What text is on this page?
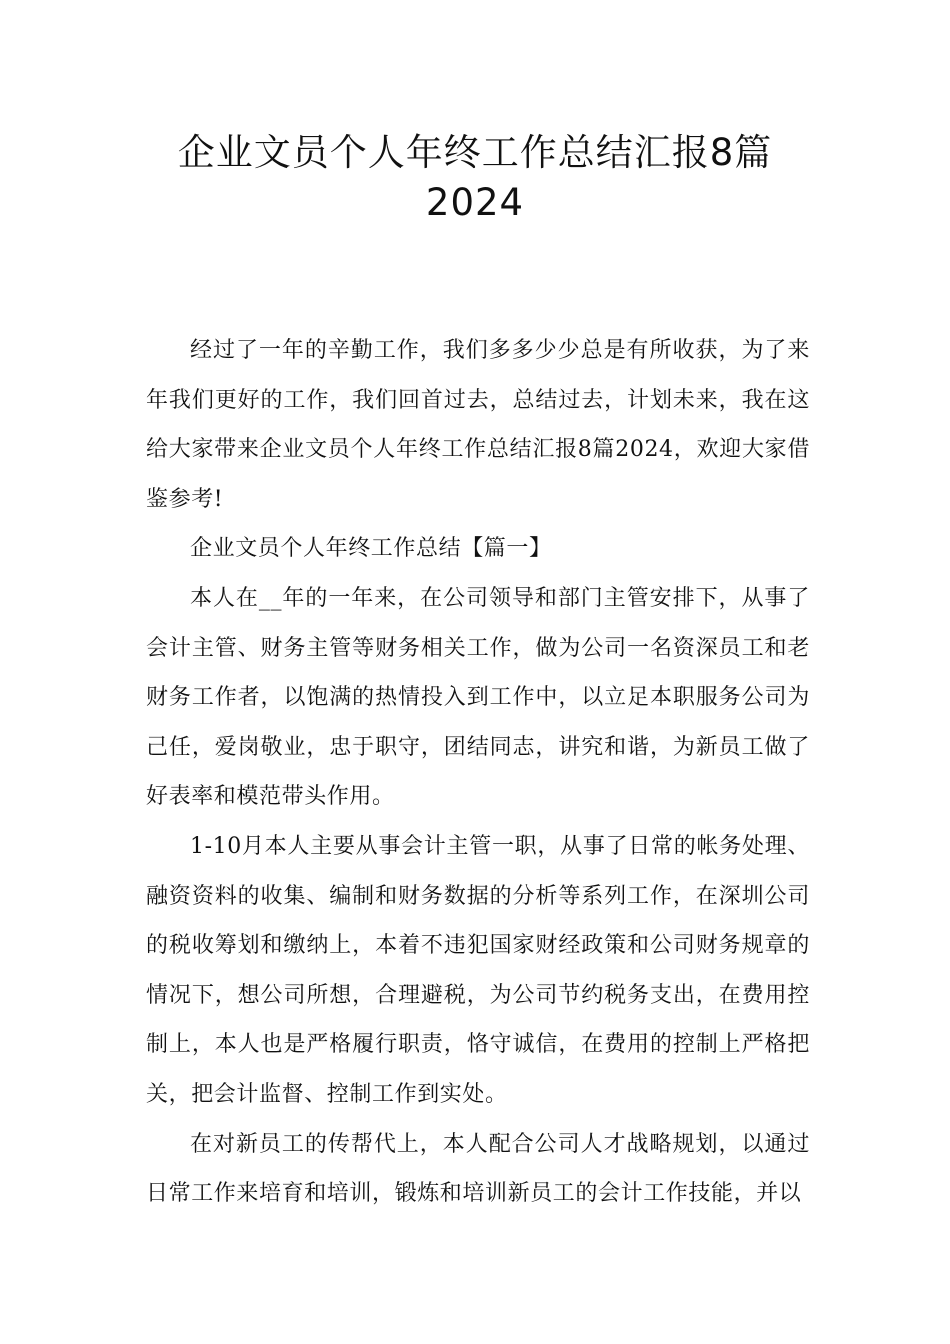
企业文员个人年终工作总结汇报8篇
2024

经过了一年的辛勤工作，我们多多少少总是有所收获，为了来年我们更好的工作，我们回首过去，总结过去，计划未来，我在这给大家带来企业文员个人年终工作总结汇报8篇2024，欢迎大家借鉴参考!

企业文员个人年终工作总结【篇一】

本人在__年的一年来，在公司领导和部门主管安排下，从事了会计主管、财务主管等财务相关工作，做为公司一名资深员工和老财务工作者，以饱满的热情投入到工作中，以立足本职服务公司为己任，爱岗敬业，忠于职守，团结同志，讲究和谐，为新员工做了好表率和模范带头作用。

1-10月本人主要从事会计主管一职，从事了日常的帐务处理、融资资料的收集、编制和财务数据的分析等系列工作，在深圳公司的税收筹划和缴纳上，本着不违犯国家财经政策和公司财务规章的情况下，想公司所想，合理避税，为公司节约税务支出，在费用控制上，本人也是严格履行职责，恪守诚信，在费用的控制上严格把关，把会计监督、控制工作到实处。

在对新员工的传帮代上，本人配合公司人才战略规划，以通过日常工作来培育和培训，锻炼和培训新员工的会计工作技能，并以
